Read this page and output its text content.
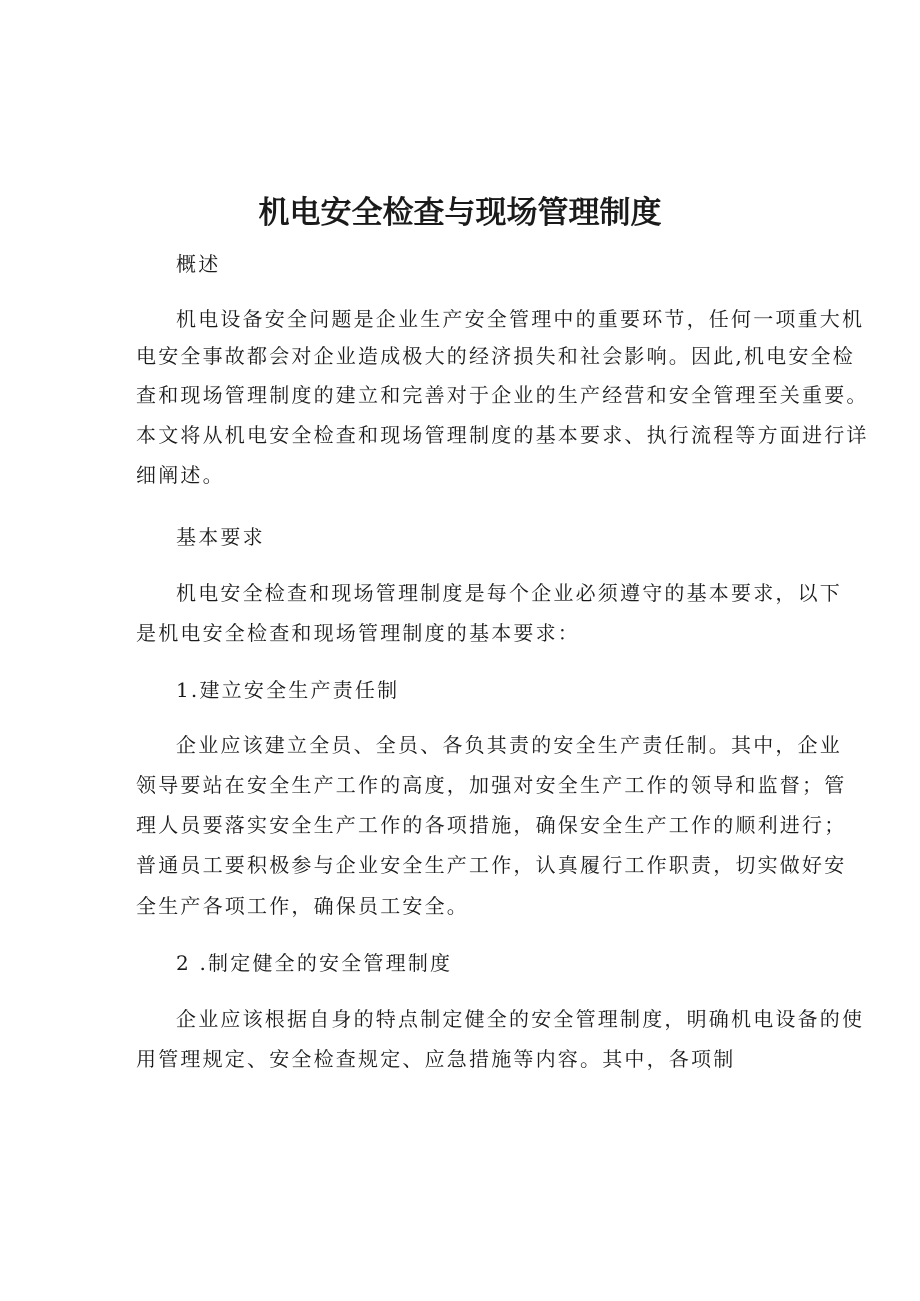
机电安全检查与现场管理制度
概述
机电设备安全问题是企业生产安全管理中的重要环节，任何一项重大机
电安全事故都会对企业造成极大的经济损失和社会影响。因此,机电安全检
查和现场管理制度的建立和完善对于企业的生产经营和安全管理至关重要。
本文将从机电安全检查和现场管理制度的基本要求、执行流程等方面进行详
细阐述。
基本要求
机电安全检查和现场管理制度是每个企业必须遵守的基本要求，以下
是机电安全检查和现场管理制度的基本要求：
1.建立安全生产责任制
企业应该建立全员、全员、各负其责的安全生产责任制。其中，企业
领导要站在安全生产工作的高度，加强对安全生产工作的领导和监督；管
理人员要落实安全生产工作的各项措施，确保安全生产工作的顺利进行；
普通员工要积极参与企业安全生产工作，认真履行工作职责，切实做好安
全生产各项工作，确保员工安全。
2 .制定健全的安全管理制度
企业应该根据自身的特点制定健全的安全管理制度，明确机电设备的使
用管理规定、安全检查规定、应急措施等内容。其中，各项制
